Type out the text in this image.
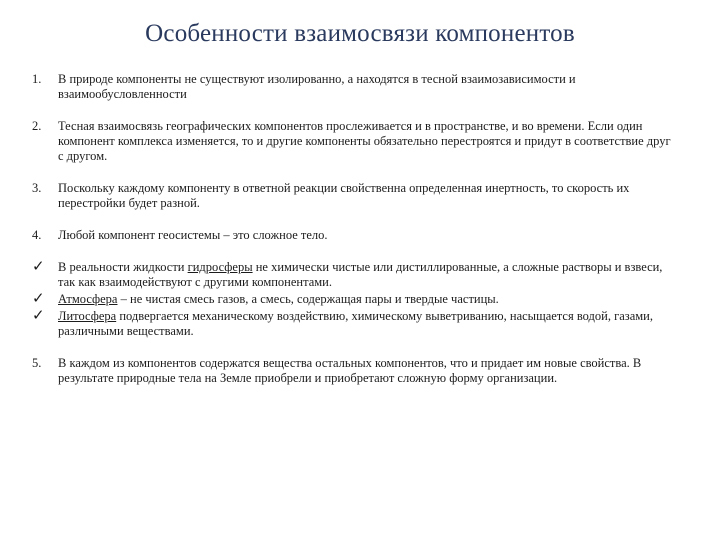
Особенности взаимосвязи компонентов
1.	В природе компоненты не существуют изолированно, а находятся в тесной взаимозависимости и взаимообусловленности
2.	Тесная взаимосвязь географических компонентов прослеживается и в пространстве, и во времени. Если один компонент комплекса изменяется, то и другие компоненты обязательно перестроятся и придут в соответствие друг с другом.
3.	Поскольку каждому компоненту в ответной реакции свойственна определенная инертность, то скорость их перестройки будет разной.
4.	Любой компонент геосистемы – это сложное тело.
✓	В реальности жидкости гидросферы не химически чистые или дистиллированные, а сложные растворы и взвеси, так как взаимодействуют с другими компонентами.
✓	Атмосфера – не чистая смесь газов, а смесь, содержащая пары и твердые частицы.
✓	Литосфера подвергается механическому воздействию, химическому выветриванию, насыщается водой, газами, различными веществами.
5.	В каждом из компонентов содержатся вещества остальных компонентов, что и придает им новые свойства. В результате природные тела на Земле приобрели и приобретают сложную форму организации.
